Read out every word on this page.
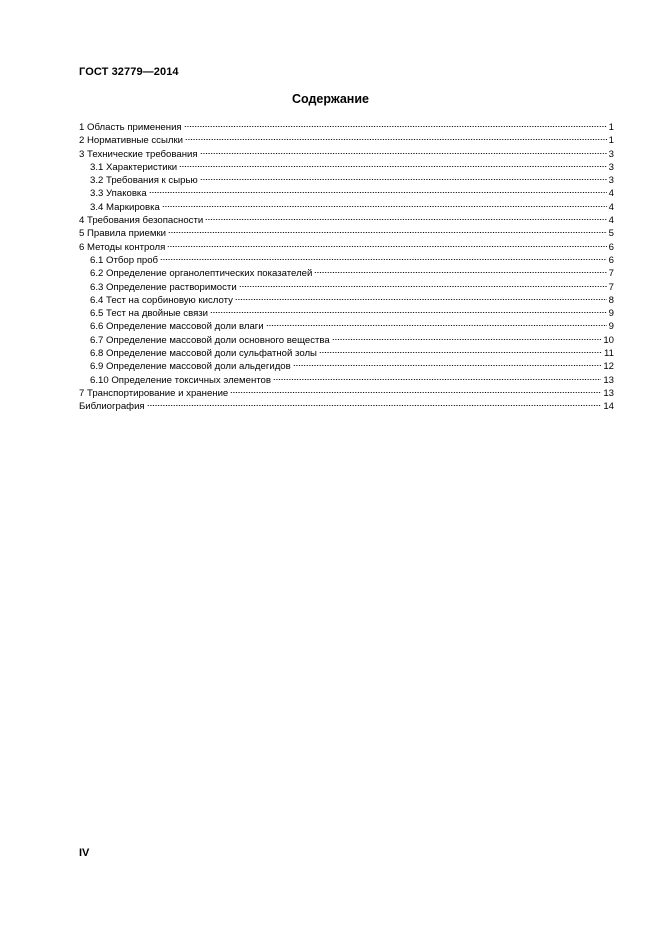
ГОСТ 32779—2014
Содержание
1 Область применения	1
2 Нормативные ссылки	1
3 Технические требования	3
3.1 Характеристики	3
3.2 Требования к сырью	3
3.3 Упаковка	4
3.4 Маркировка	4
4 Требования безопасности	4
5 Правила приемки	5
6 Методы контроля	6
6.1 Отбор проб	6
6.2 Определение органолептических показателей	7
6.3 Определение растворимости	7
6.4 Тест на сорбиновую кислоту	8
6.5 Тест на двойные связи	9
6.6 Определение массовой доли влаги	9
6.7 Определение массовой доли основного вещества	10
6.8 Определение массовой доли сульфатной золы	11
6.9 Определение массовой доли альдегидов	12
6.10 Определение токсичных элементов	13
7 Транспортирование и хранение	13
Библиография	14
IV
